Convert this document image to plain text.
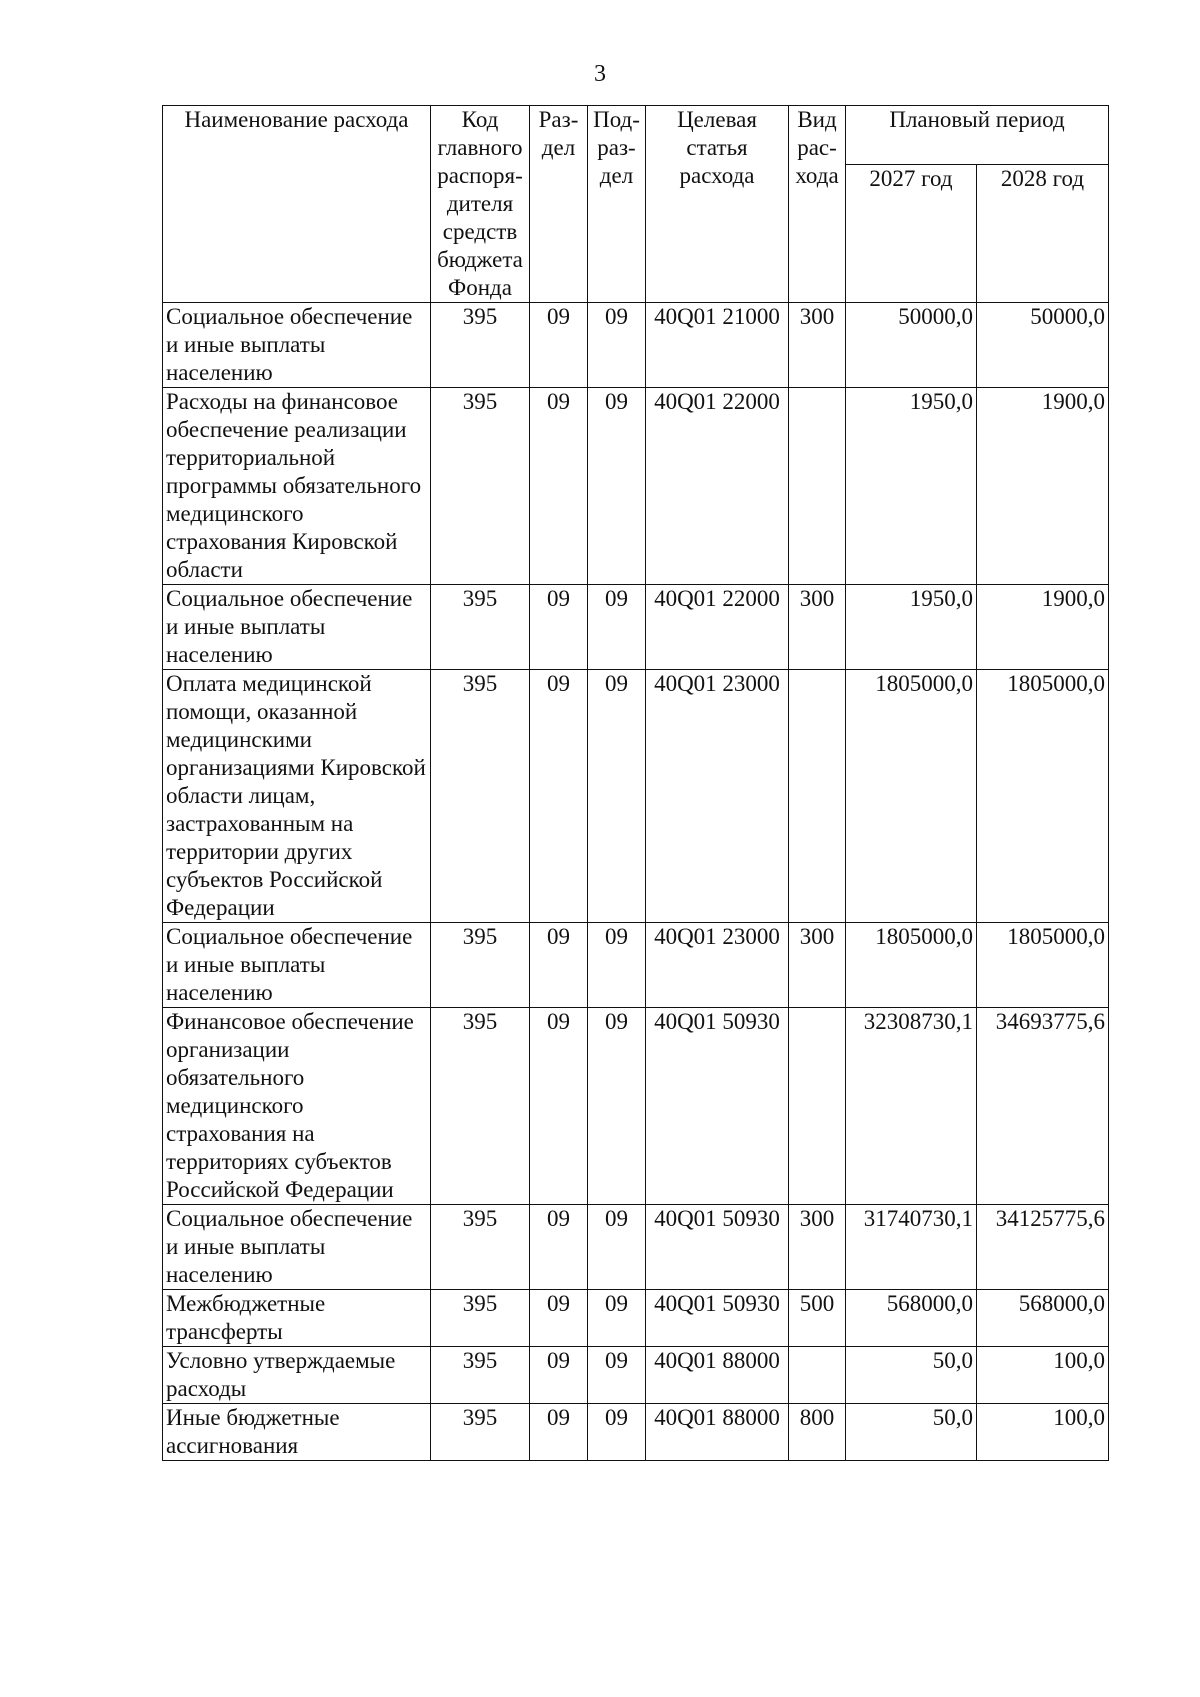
3
Наименование расхода	Код главного распоря-дителя средств бюджета Фонда	Раз-дел	Под-раз-дел	Целевая статья расхода	Вид рас-хода	Плановый период	
						2027 год	2028 год
Социальное обеспечение и иные выплаты населению	395	09	09	40Q01 21000	300	50000,0	50000,0
Расходы на финансовое обеспечение реализации территориальной программы обязательного медицинского страхования Кировской области	395	09	09	40Q01 22000		1950,0	1900,0
Социальное обеспечение и иные выплаты населению	395	09	09	40Q01 22000	300	1950,0	1900,0
Оплата медицинской помощи, оказанной медицинскими организациями Кировской области лицам, застрахованным на территории других субъектов Российской Федерации	395	09	09	40Q01 23000		1805000,0	1805000,0
Социальное обеспечение и иные выплаты населению	395	09	09	40Q01 23000	300	1805000,0	1805000,0
Финансовое обеспечение организации обязательного медицинского страхования на территориях субъектов Российской Федерации	395	09	09	40Q01 50930		32308730,1	34693775,6
Социальное обеспечение и иные выплаты населению	395	09	09	40Q01 50930	300	31740730,1	34125775,6
Межбюджетные трансферты	395	09	09	40Q01 50930	500	568000,0	568000,0
Условно утверждаемые расходы	395	09	09	40Q01 88000		50,0	100,0
Иные бюджетные ассигнования	395	09	09	40Q01 88000	800	50,0	100,0
